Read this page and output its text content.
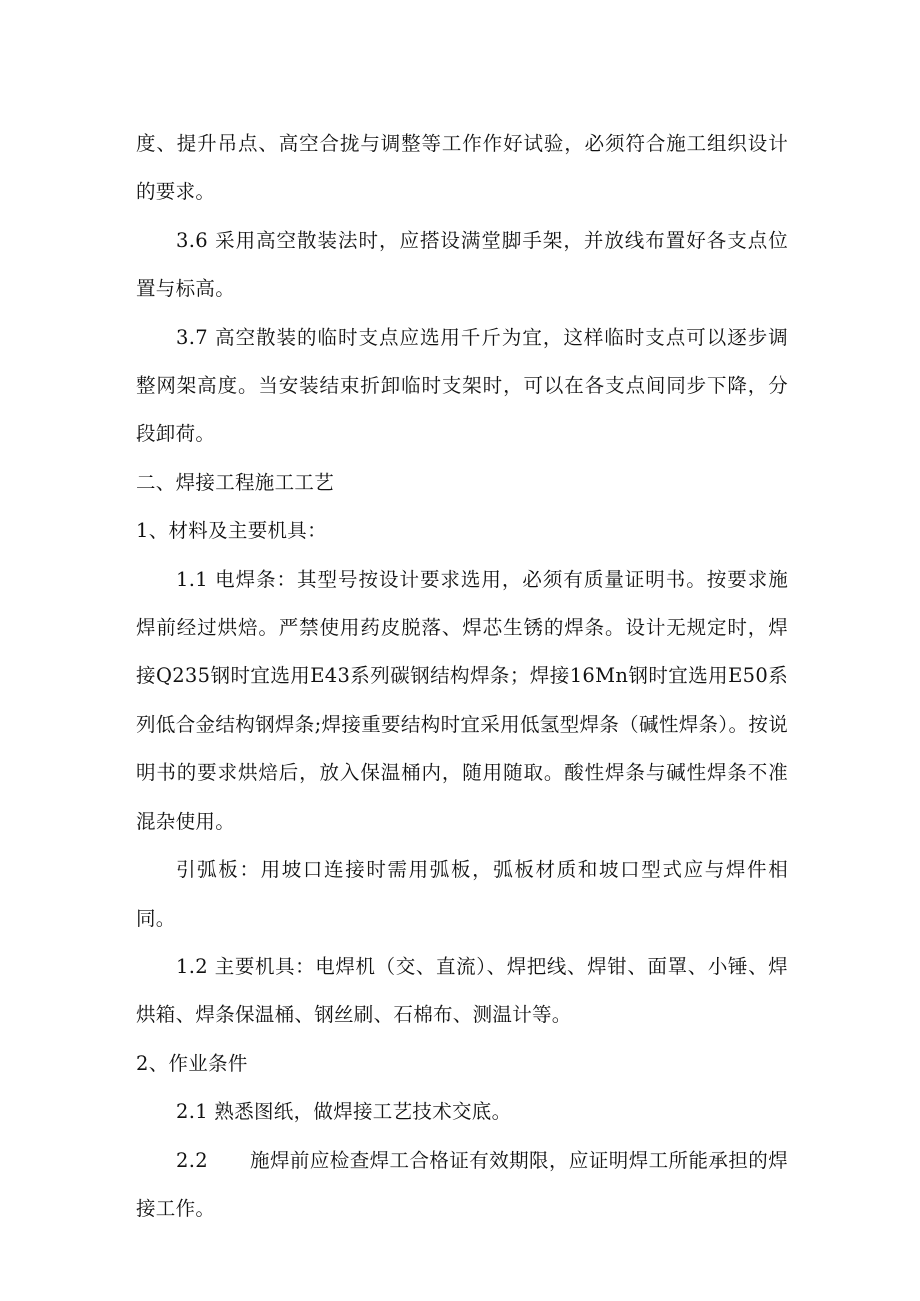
度、提升吊点、高空合拢与调整等工作作好试验，必须符合施工组织设计的要求。

3.6 采用高空散装法时，应搭设满堂脚手架，并放线布置好各支点位置与标高。

3.7 高空散装的临时支点应选用千斤为宜，这样临时支点可以逐步调整网架高度。当安装结束折卸临时支架时，可以在各支点间同步下降，分段卸荷。

二、焊接工程施工工艺

1、材料及主要机具：

1.1 电焊条：其型号按设计要求选用，必须有质量证明书。按要求施焊前经过烘焙。严禁使用药皮脱落、焊芯生锈的焊条。设计无规定时，焊接Q235钢时宜选用E43系列碳钢结构焊条；焊接16Mn钢时宜选用E50系列低合金结构钢焊条;焊接重要结构时宜采用低氢型焊条（碱性焊条）。按说明书的要求烘焙后，放入保温桶内，随用随取。酸性焊条与碱性焊条不准混杂使用。

引弧板：用坡口连接时需用弧板，弧板材质和坡口型式应与焊件相同。

1.2 主要机具：电焊机（交、直流）、焊把线、焊钳、面罩、小锤、焊烘箱、焊条保温桶、钢丝刷、石棉布、测温计等。

2、作业条件

2.1 熟悉图纸，做焊接工艺技术交底。

2.2 施焊前应检查焊工合格证有效期限，应证明焊工所能承担的焊接工作。
